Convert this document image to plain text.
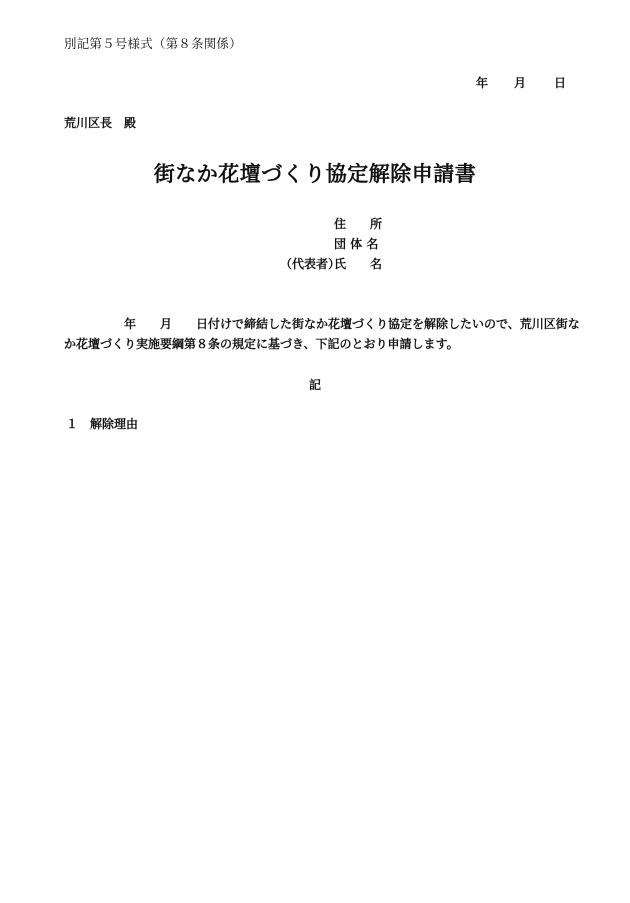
別記第５号様式（第８条関係）
年 月 日
荒川区長　殿
街なか花壇づくり協定解除申請書
住　　所
団 体 名
（代表者）
氏　　名
　　　　　年　　月　　日付けで締結した街なか花壇づくり協定を解除したいので、荒川区街な
か花壇づくり実施要綱第８条の規定に基づき、下記のとおり申請します。
記
１　解除理由
